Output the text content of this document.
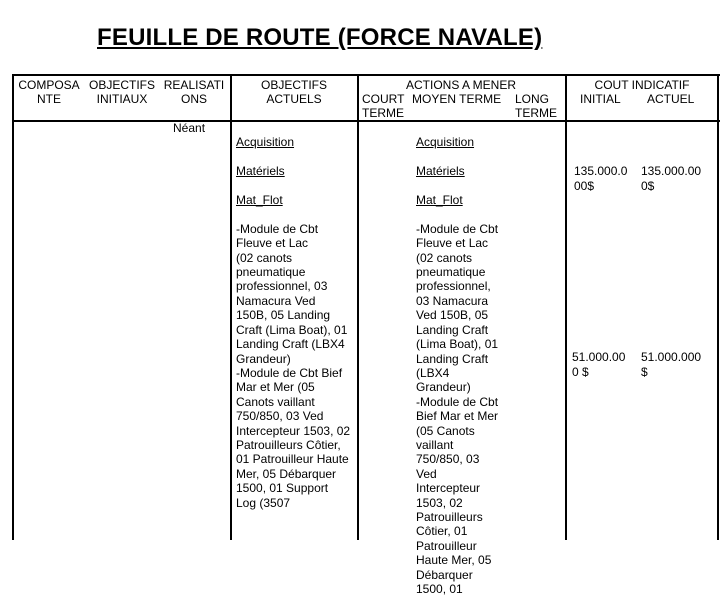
FEUILLE DE ROUTE (FORCE NAVALE)
COMPOSA
NTE
OBJECTIFS
INITIAUX
REALISATI
ONS
OBJECTIFS
ACTUELS
ACTIONS A MENER
COURT
TERME
MOYEN TERME	LONG
TERME
COUT INDICATIF
INITIAL	ACTUEL
Néant

Acquisition

Matériels

Mat_Flot

-Module de Cbt
Fleuve et Lac
(02 canots
pneumatique
professionnel, 03
Namacura Ved
150B, 05 Landing
Craft (Lima Boat), 01
Landing Craft (LBX4
Grandeur)
-Module de Cbt Bief
Mar et Mer (05
Canots vaillant
750/850, 03 Ved
Intercepteur 1503, 02
Patrouilleurs Côtier,
01 Patrouilleur Haute
Mer, 05 Débarquer
1500, 01 Support
Log (3507

Acquisition

Matériels

Mat_Flot

-Module de Cbt
Fleuve et Lac
(02 canots
pneumatique
professionnel,
03 Namacura
Ved 150B, 05
Landing Craft
(Lima Boat), 01
Landing Craft
(LBX4
Grandeur)
-Module de Cbt
Bief Mar et Mer
(05 Canots
vaillant
750/850, 03
Ved
Intercepteur
1503, 02
Patrouilleurs
Côtier, 01
Patrouilleur
Haute Mer, 05
Débarquer
1500, 01

135.000.0
00$
135.000.00
0$
51.000.00
0 $
51.000.000
$
